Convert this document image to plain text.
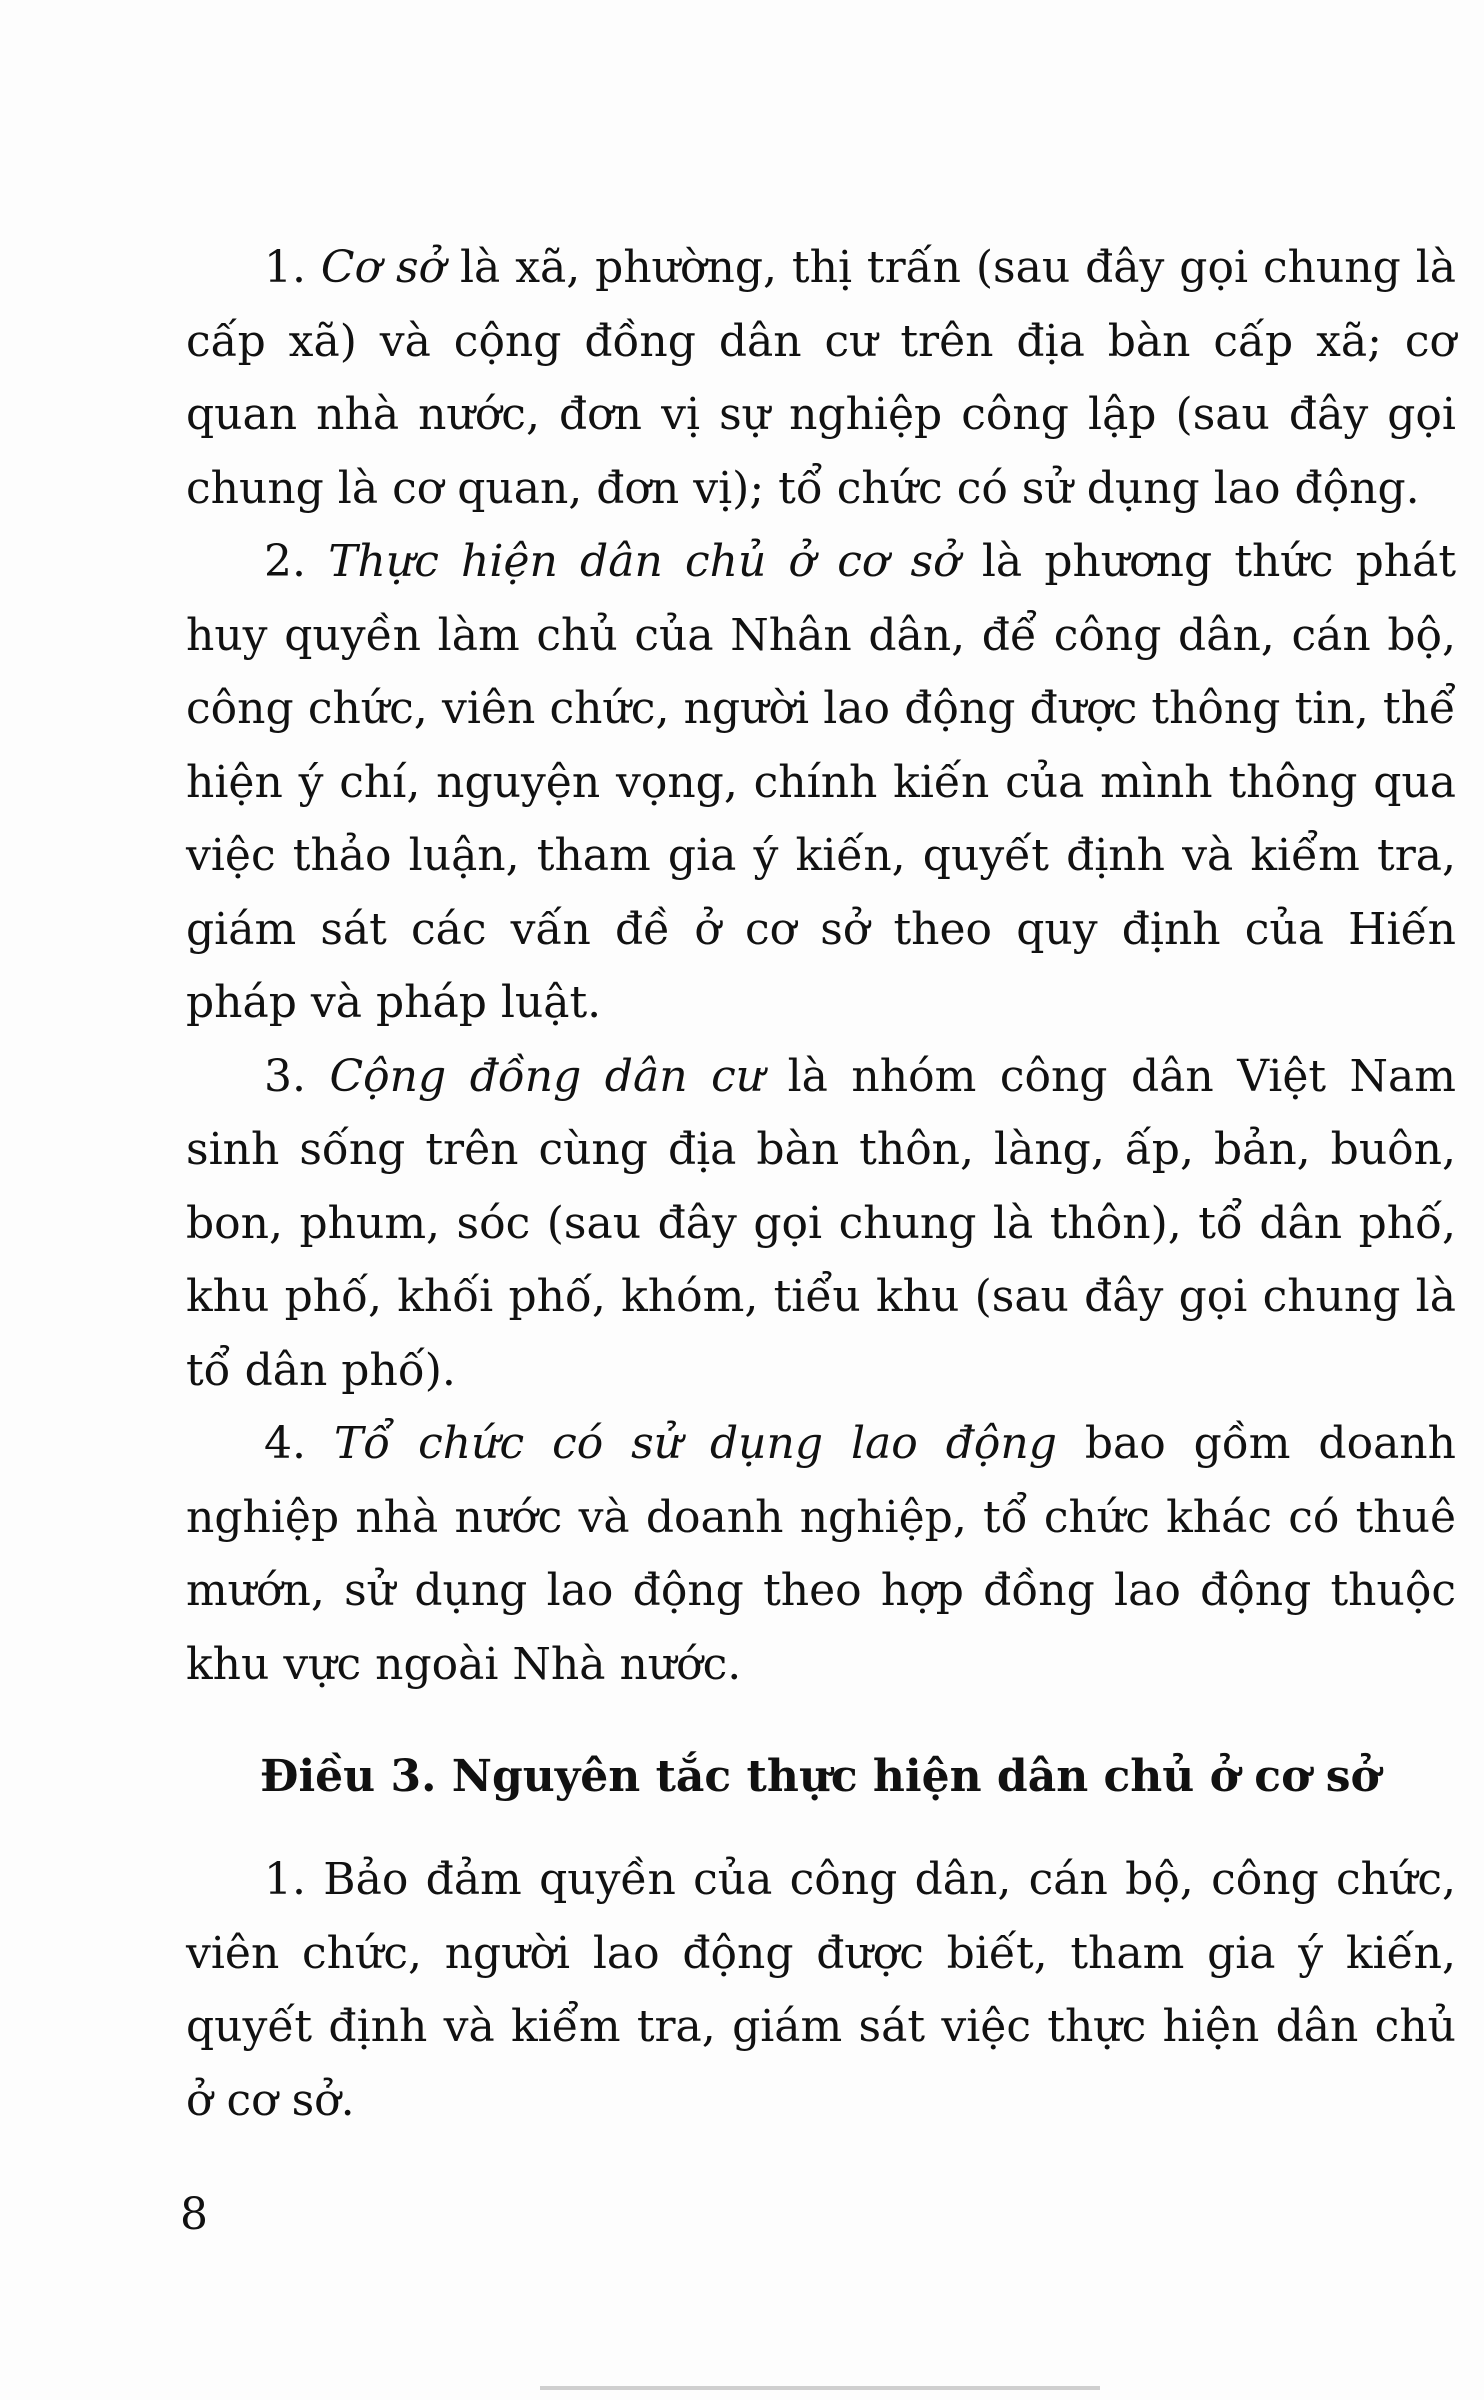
1. Cơ sở là xã, phường, thị trấn (sau đây gọi chung là cấp xã) và cộng đồng dân cư trên địa bàn cấp xã; cơ quan nhà nước, đơn vị sự nghiệp công lập (sau đây gọi chung là cơ quan, đơn vị); tổ chức có sử dụng lao động.

2. Thực hiện dân chủ ở cơ sở là phương thức phát huy quyền làm chủ của Nhân dân, để công dân, cán bộ, công chức, viên chức, người lao động được thông tin, thể hiện ý chí, nguyện vọng, chính kiến của mình thông qua việc thảo luận, tham gia ý kiến, quyết định và kiểm tra, giám sát các vấn đề ở cơ sở theo quy định của Hiến pháp và pháp luật.

3. Cộng đồng dân cư là nhóm công dân Việt Nam sinh sống trên cùng địa bàn thôn, làng, ấp, bản, buôn, bon, phum, sóc (sau đây gọi chung là thôn), tổ dân phố, khu phố, khối phố, khóm, tiểu khu (sau đây gọi chung là tổ dân phố).

4. Tổ chức có sử dụng lao động bao gồm doanh nghiệp nhà nước và doanh nghiệp, tổ chức khác có thuê mướn, sử dụng lao động theo hợp đồng lao động thuộc khu vực ngoài Nhà nước.

Điều 3. Nguyên tắc thực hiện dân chủ ở cơ sở

1. Bảo đảm quyền của công dân, cán bộ, công chức, viên chức, người lao động được biết, tham gia ý kiến, quyết định và kiểm tra, giám sát việc thực hiện dân chủ ở cơ sở.

8
